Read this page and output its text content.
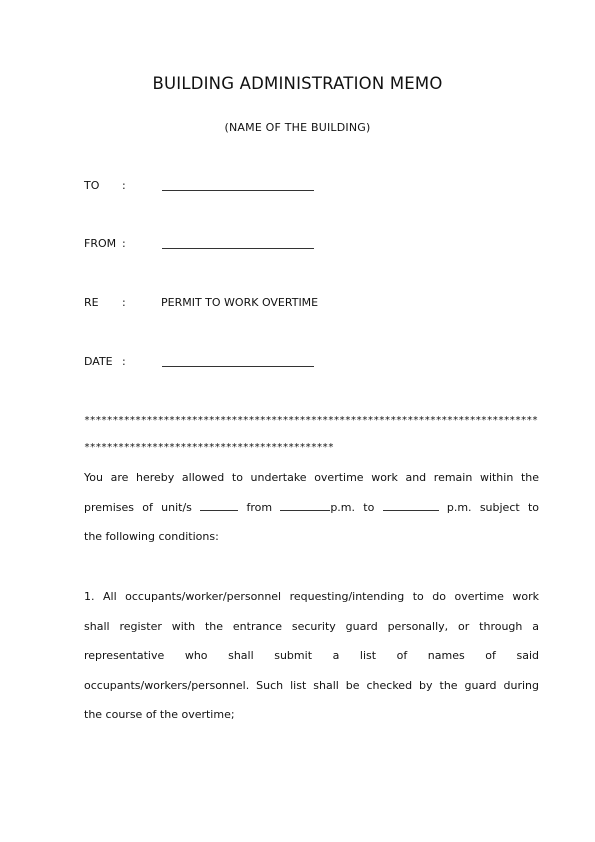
BUILDING ADMINISTRATION MEMO
(NAME OF THE BUILDING)
TO :
FROM :
RE :	PERMIT TO WORK OVERTIME
DATE :
********************************************************************************
********************************************
You are hereby allowed to undertake overtime work and remain within the
premises of unit/s	from	p.m. to	p.m. subject to
the following conditions:
1. All occupants/worker/personnel requesting/intending to do overtime work
shall register with the entrance security guard personally, or through a
representative who shall submit a list of names of said
occupants/workers/personnel. Such list shall be checked by the guard during
the course of the overtime;
